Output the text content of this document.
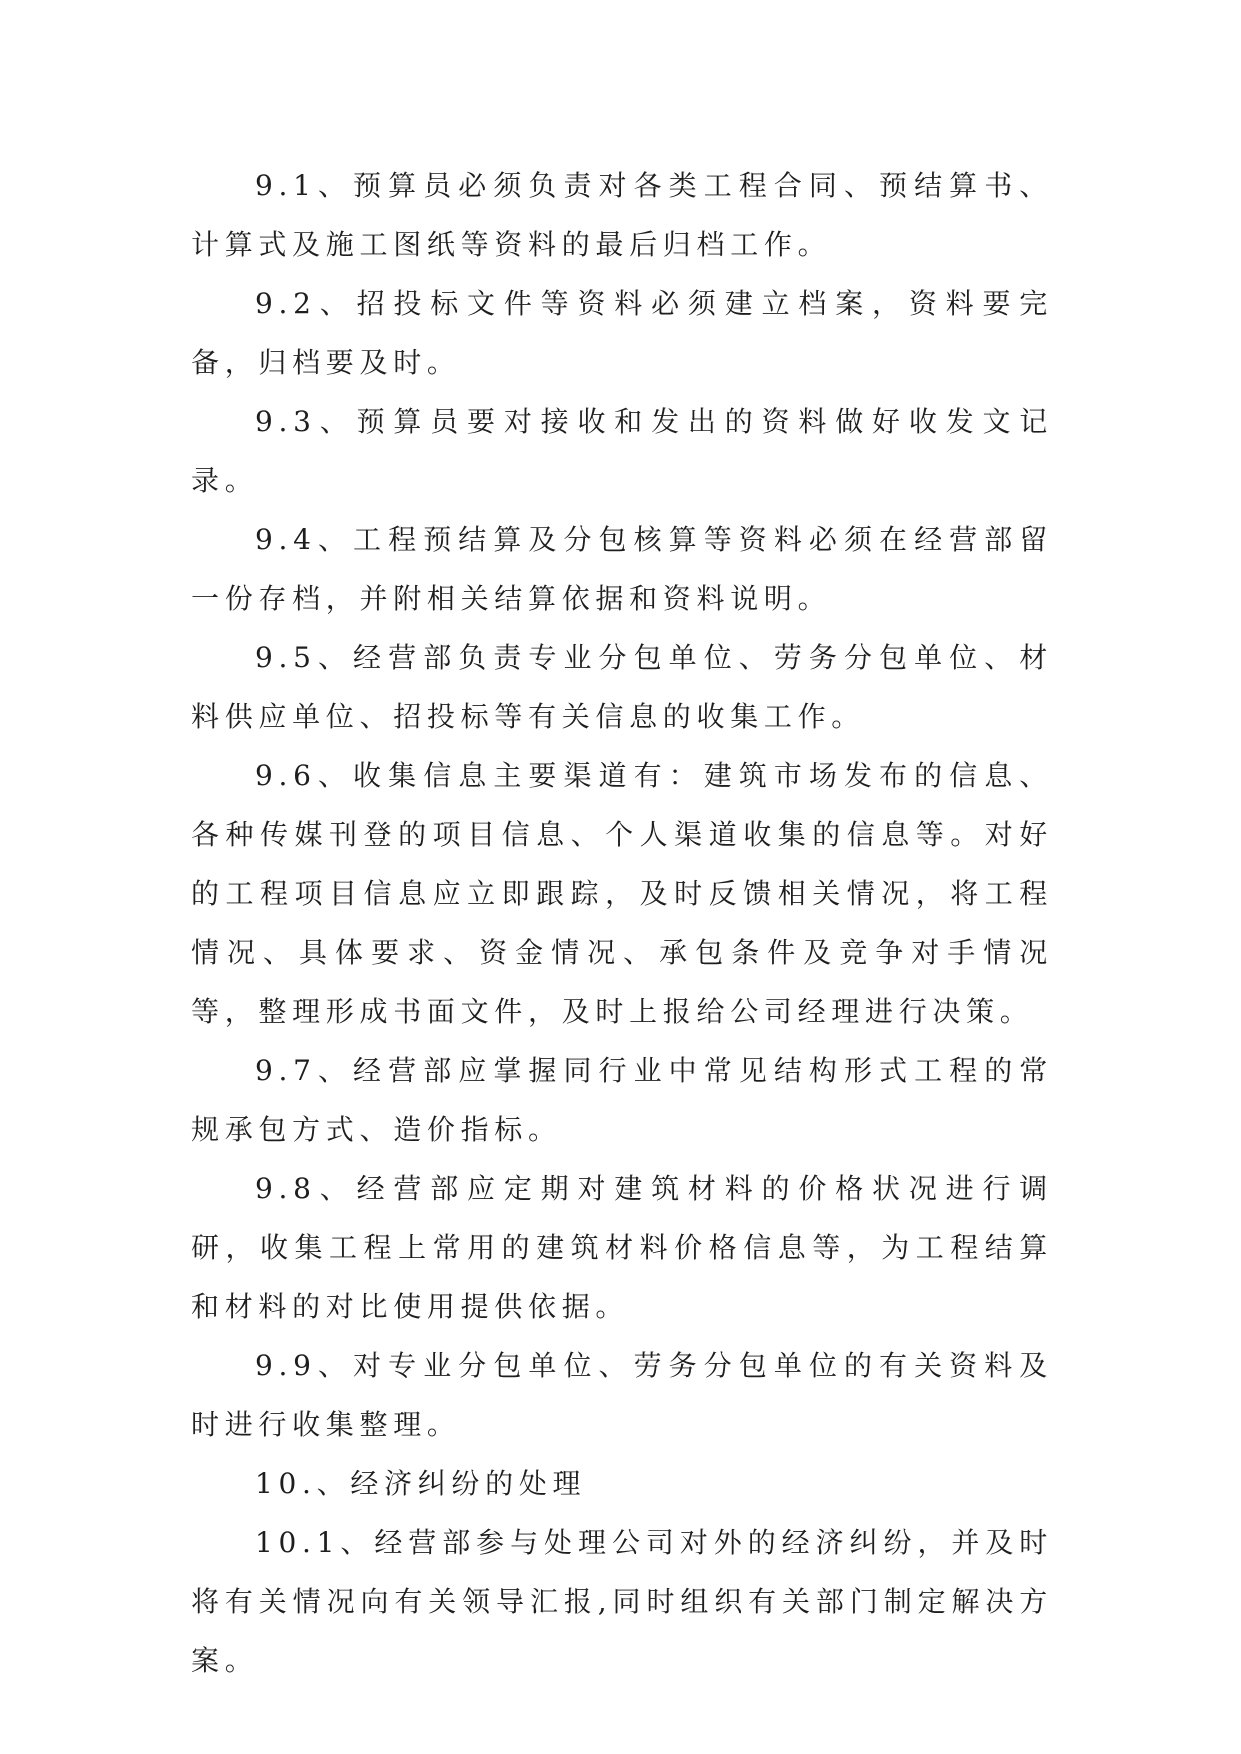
9.1、预算员必须负责对各类工程合同、预结算书、计算式及施工图纸等资料的最后归档工作。

9.2、招投标文件等资料必须建立档案，资料要完备，归档要及时。

9.3、预算员要对接收和发出的资料做好收发文记录。

9.4、工程预结算及分包核算等资料必须在经营部留一份存档，并附相关结算依据和资料说明。

9.5、经营部负责专业分包单位、劳务分包单位、材料供应单位、招投标等有关信息的收集工作。

9.6、收集信息主要渠道有：建筑市场发布的信息、各种传媒刊登的项目信息、个人渠道收集的信息等。对好的工程项目信息应立即跟踪，及时反馈相关情况，将工程情况、具体要求、资金情况、承包条件及竞争对手情况等，整理形成书面文件，及时上报给公司经理进行决策。

9.7、经营部应掌握同行业中常见结构形式工程的常规承包方式、造价指标。

9.8、经营部应定期对建筑材料的价格状况进行调研，收集工程上常用的建筑材料价格信息等，为工程结算和材料的对比使用提供依据。

9.9、对专业分包单位、劳务分包单位的有关资料及时进行收集整理。

10.、经济纠纷的处理

10.1、经营部参与处理公司对外的经济纠纷，并及时将有关情况向有关领导汇报,同时组织有关部门制定解决方案。
